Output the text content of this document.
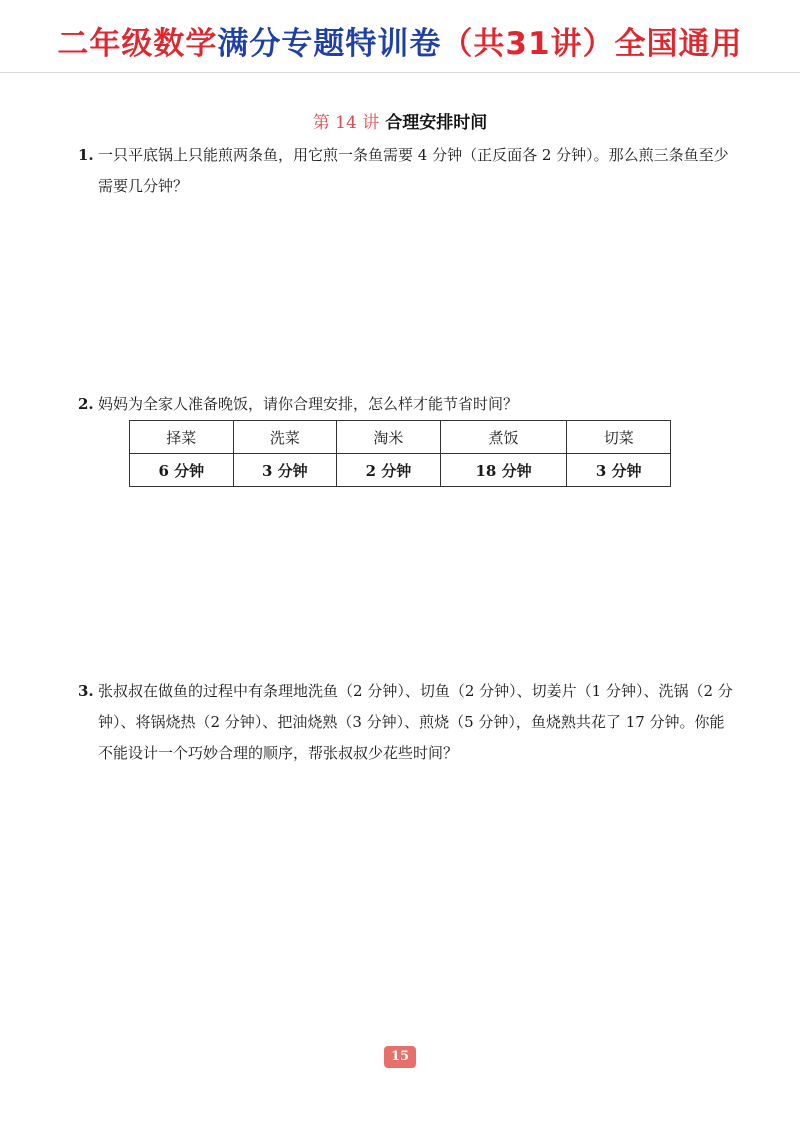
二年级数学满分专题特训卷（共31讲）全国通用
第 14 讲 合理安排时间
1. 一只平底锅上只能煎两条鱼，用它煎一条鱼需要 4 分钟（正反面各 2 分钟）。那么煎三条鱼至少需要几分钟？
2. 妈妈为全家人准备晚饭，请你合理安排，怎么样才能节省时间？
择菜	洗菜	淘米	煮饭	切菜
6 分钟	3 分钟	2 分钟	18 分钟	3 分钟
3. 张叔叔在做鱼的过程中有条理地洗鱼（2 分钟）、切鱼（2 分钟）、切姜片（1 分钟）、洗锅（2 分钟）、将锅烧热（2 分钟）、把油烧熟（3 分钟）、煎烧（5 分钟），鱼烧熟共花了 17 分钟。你能不能设计一个巧妙合理的顺序，帮张叔叔少花些时间？
15
